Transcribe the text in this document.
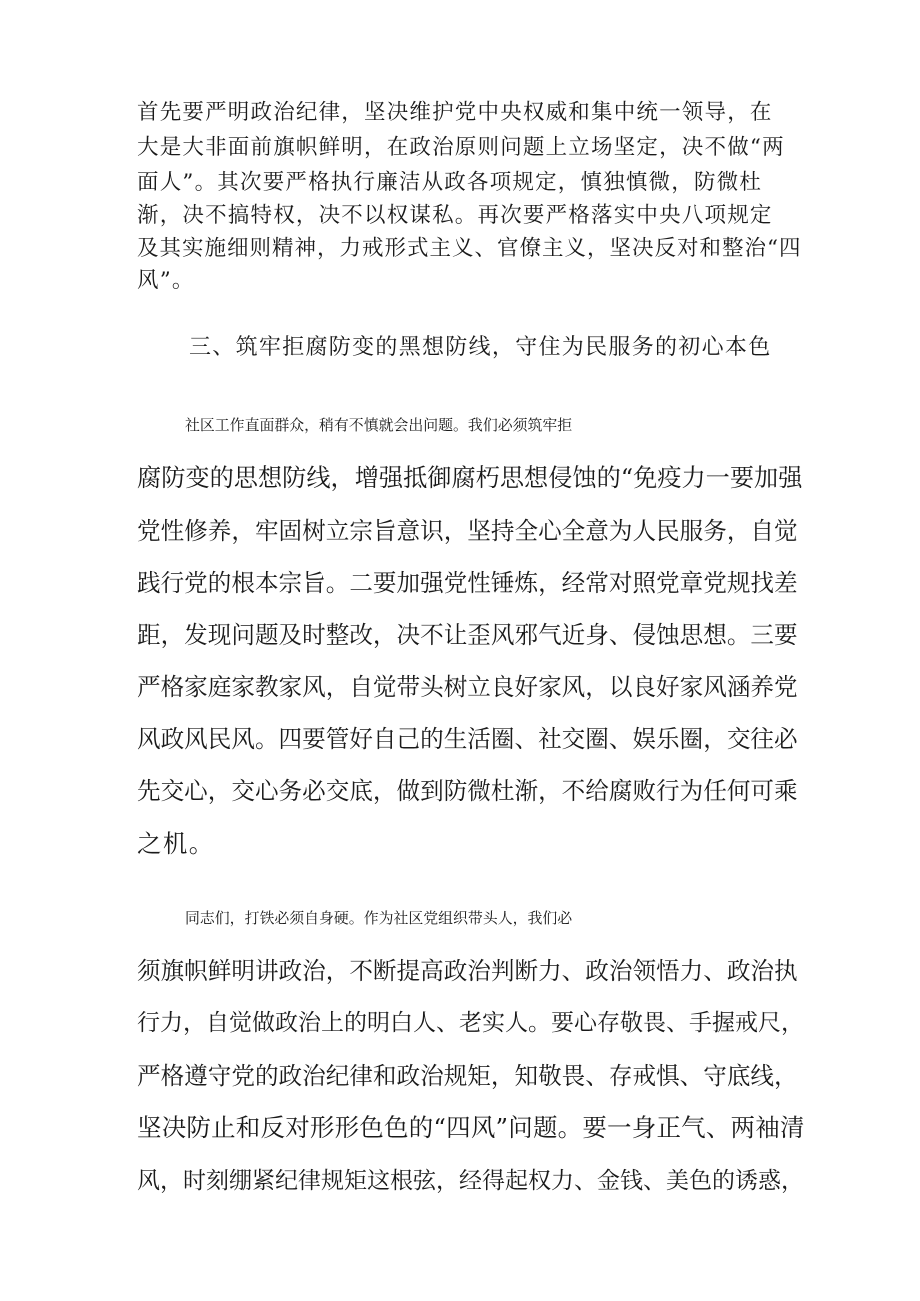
首先要严明政治纪律，坚决维护党中央权威和集中统一领导，在

大是大非面前旗帜鲜明，在政治原则问题上立场坚定，决不做“两

面人”。其次要严格执行廉洁从政各项规定，慎独慎微，防微杜

渐，决不搞特权，决不以权谋私。再次要严格落实中央八项规定

及其实施细则精神，力戒形式主义、官僚主义，坚决反对和整治“四

风”。

三、筑牢拒腐防变的黑想防线，守住为民服务的初心本色

社区工作直面群众，稍有不慎就会出问题。我们必须筑牢拒

腐防变的思想防线，增强抵御腐朽思想侵蚀的“免疫力一要加强

党性修养，牢固树立宗旨意识，坚持全心全意为人民服务，自觉

践行党的根本宗旨。二要加强党性锤炼，经常对照党章党规找差

距，发现问题及时整改，决不让歪风邪气近身、侵蚀思想。三要

严格家庭家教家风，自觉带头树立良好家风，以良好家风涵养党

风政风民风。四要管好自己的生活圈、社交圈、娱乐圈，交往必

先交心，交心务必交底，做到防微杜渐，不给腐败行为任何可乘

之机。

同志们，打铁必须自身硬。作为社区党组织带头人，我们必

须旗帜鲜明讲政治，不断提高政治判断力、政治领悟力、政治执

行力，自觉做政治上的明白人、老实人。要心存敬畏、手握戒尺，

严格遵守党的政治纪律和政治规矩，知敬畏、存戒惧、守底线，

坚决防止和反对形形色色的“四风”问题。要一身正气、两袖清

风，时刻绷紧纪律规矩这根弦，经得起权力、金钱、美色的诱惑，
